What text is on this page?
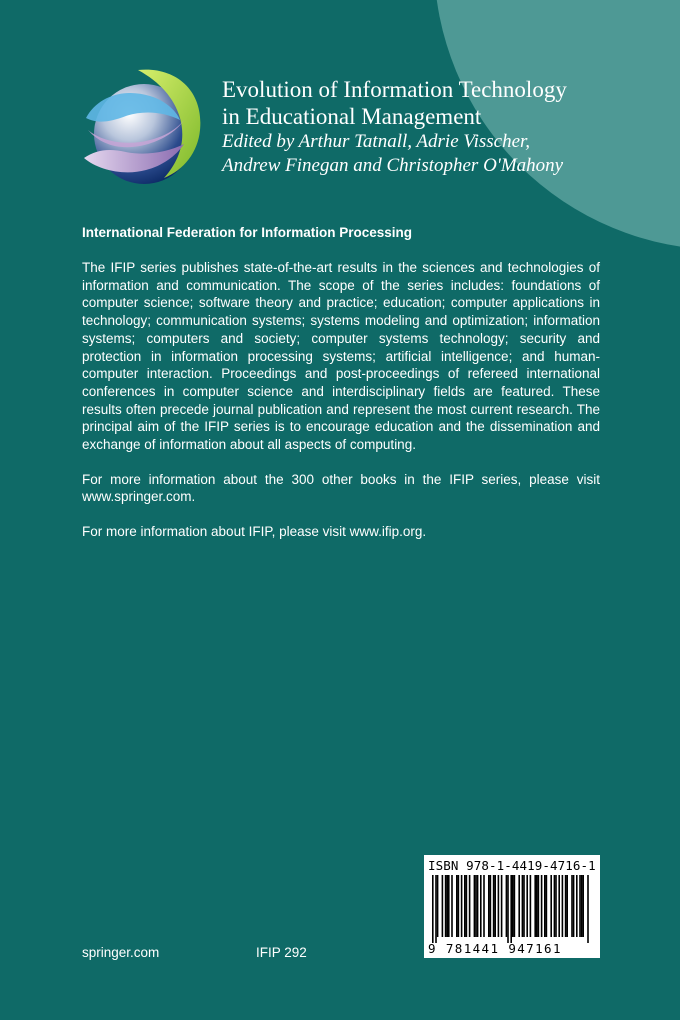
Evolution of Information Technology
in Educational Management
Edited by Arthur Tatnall, Adrie Visscher,
Andrew Finegan and Christopher O'Mahony
International Federation for Information Processing

The IFIP series publishes state-of-the-art results in the sciences and technologies of information and communication. The scope of the series includes: foundations of computer science; software theory and practice; education; computer applications in technology; communication systems; systems modeling and optimization; information systems; computers and society; computer systems technology; security and protection in information processing systems; artificial intelligence; and human-computer interaction. Proceedings and post-proceedings of refereed international conferences in computer science and interdisciplinary fields are featured. These results often precede journal publication and represent the most current research. The principal aim of the IFIP series is to encourage education and the dissemination and exchange of information about all aspects of computing.

For more information about the 300 other books in the IFIP series, please visit www.springer.com.

For more information about IFIP, please visit www.ifip.org.

springer.com	IFIP 292
ISBN 978-1-4419-4716-1
9 781441 947161
